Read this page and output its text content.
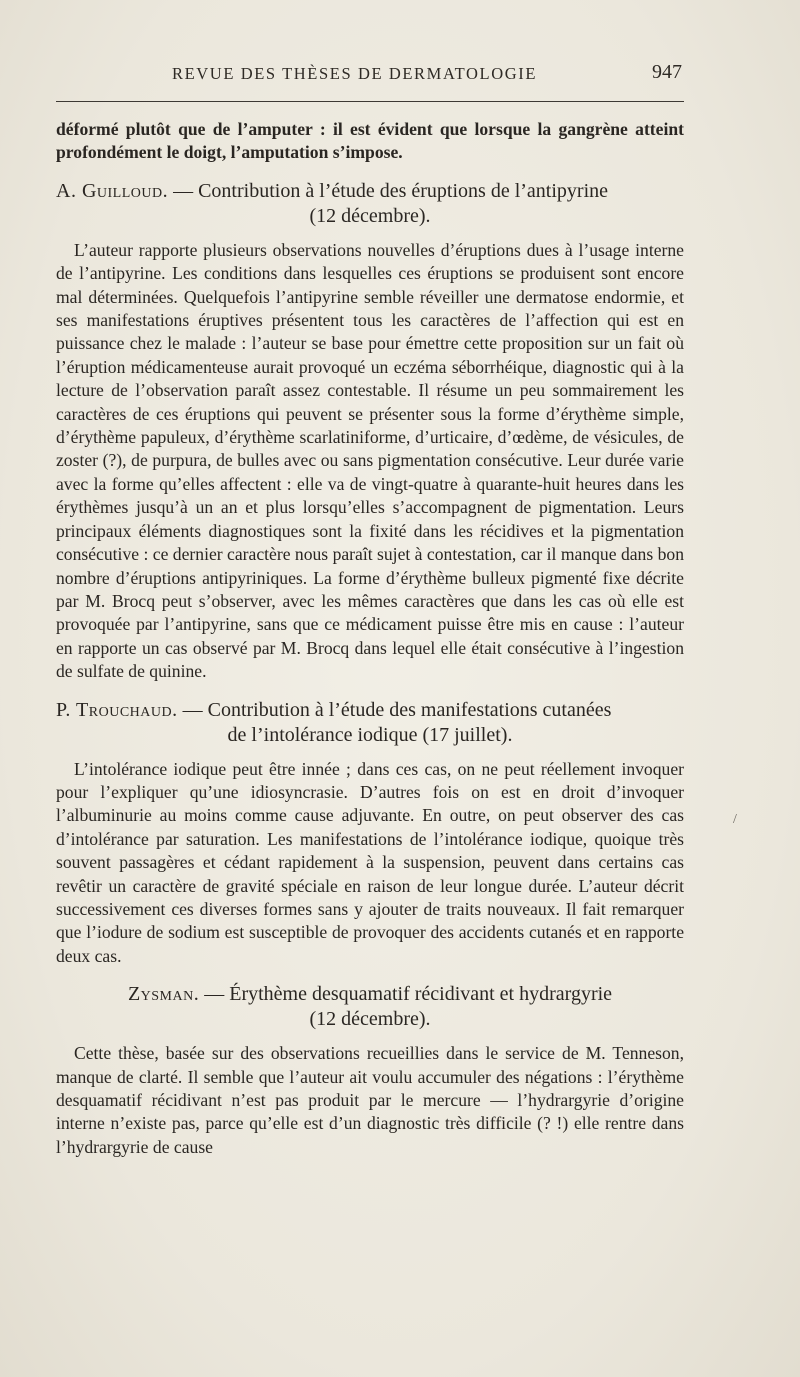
REVUE DES THÈSES DE DERMATOLOGIE	947

déformé plutôt que de l’amputer : il est évident que lorsque la gangrène atteint profondément le doigt, l’amputation s’impose.

A. Guilloud. — Contribution à l’étude des éruptions de l’antipyrine
(12 décembre).

L’auteur rapporte plusieurs observations nouvelles d’éruptions dues à l’usage interne de l’antipyrine. Les conditions dans lesquelles ces éruptions se produisent sont encore mal déterminées. Quelquefois l’antipyrine semble réveiller une dermatose endormie, et ses manifestations éruptives présentent tous les caractères de l’affection qui est en puissance chez le malade : l’auteur se base pour émettre cette proposition sur un fait où l’éruption médicamenteuse aurait provoqué un eczéma séborrhéique, diagnostic qui à la lecture de l’observation paraît assez contestable. Il résume un peu sommairement les caractères de ces éruptions qui peuvent se présenter sous la forme d’érythème simple, d’érythème papuleux, d’érythème scarlatiniforme, d’urticaire, d’œdème, de vésicules, de zoster (?), de purpura, de bulles avec ou sans pigmentation consécutive. Leur durée varie avec la forme qu’elles affectent : elle va de vingt-quatre à quarante-huit heures dans les érythèmes jusqu’à un an et plus lorsqu’elles s’accompagnent de pigmentation. Leurs principaux éléments diagnostiques sont la fixité dans les récidives et la pigmentation consécutive : ce dernier caractère nous paraît sujet à contestation, car il manque dans bon nombre d’éruptions antipyriniques. La forme d’érythème bulleux pigmenté fixe décrite par M. Brocq peut s’observer, avec les mêmes caractères que dans les cas où elle est provoquée par l’antipyrine, sans que ce médicament puisse être mis en cause : l’auteur en rapporte un cas observé par M. Brocq dans lequel elle était consécutive à l’ingestion de sulfate de quinine.

P. Trouchaud. — Contribution à l’étude des manifestations cutanées
de l’intolérance iodique (17 juillet).

L’intolérance iodique peut être innée ; dans ces cas, on ne peut réellement invoquer pour l’expliquer qu’une idiosyncrasie. D’autres fois on est en droit d’invoquer l’albuminurie au moins comme cause adjuvante. En outre, on peut observer des cas d’intolérance par saturation. Les manifestations de l’intolérance iodique, quoique très souvent passagères et cédant rapidement à la suspension, peuvent dans certains cas revêtir un caractère de gravité spéciale en raison de leur longue durée. L’auteur décrit successivement ces diverses formes sans y ajouter de traits nouveaux. Il fait remarquer que l’iodure de sodium est susceptible de provoquer des accidents cutanés et en rapporte deux cas.

Zysman. — Érythème desquamatif récidivant et hydrargyrie
(12 décembre).

Cette thèse, basée sur des observations recueillies dans le service de M. Tenneson, manque de clarté. Il semble que l’auteur ait voulu accumuler des négations : l’érythème desquamatif récidivant n’est pas produit par le mercure — l’hydrargyrie d’origine interne n’existe pas, parce qu’elle est d’un diagnostic très difficile (? !) elle rentre dans l’hydrargyrie de cause

/
